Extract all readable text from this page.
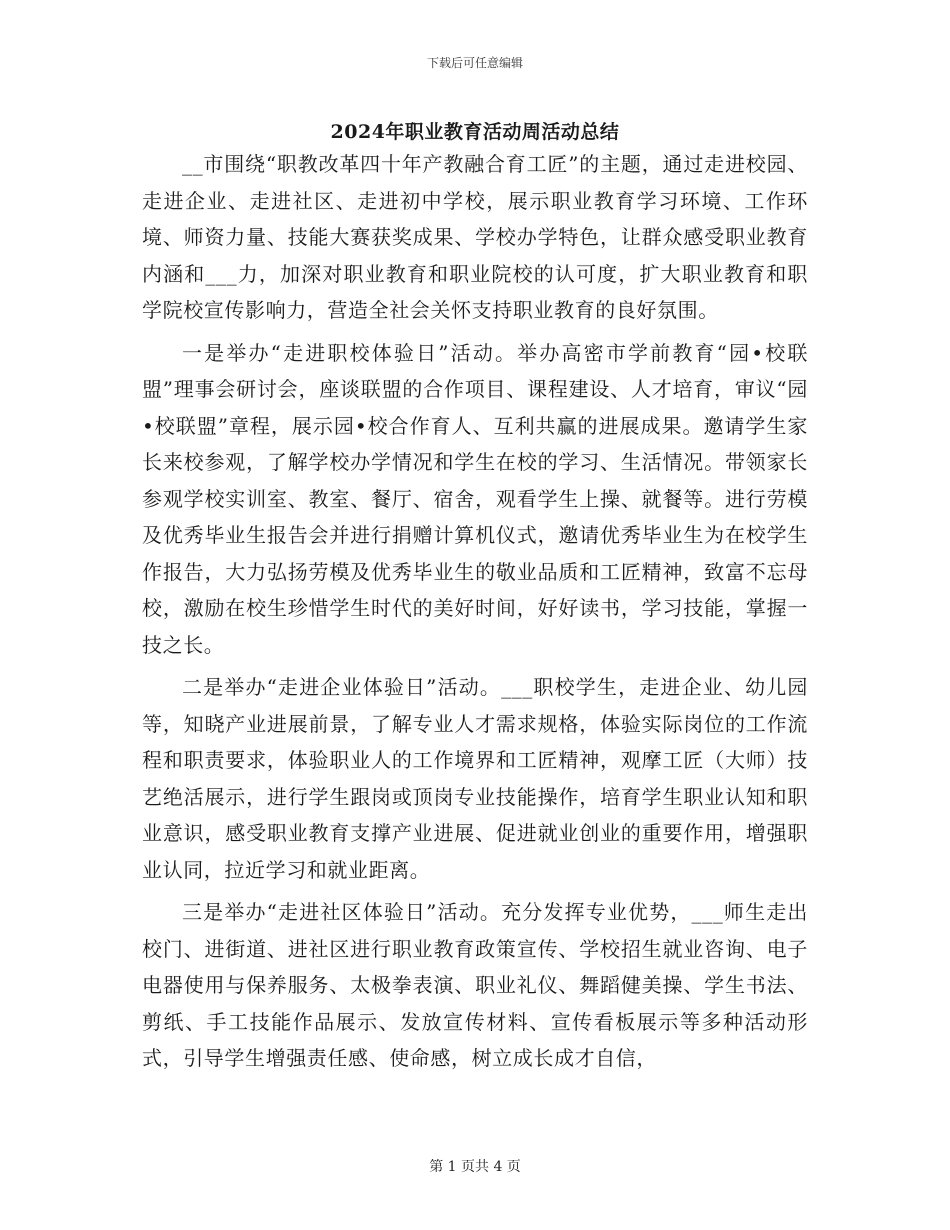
下载后可任意编辑
2024年职业教育活动周活动总结

__市围绕“职教改革四十年产教融合育工匠”的主题，通过走进校园、走进企业、走进社区、走进初中学校，展示职业教育学习环境、工作环境、师资力量、技能大赛获奖成果、学校办学特色，让群众感受职业教育内涵和___力，加深对职业教育和职业院校的认可度，扩大职业教育和职学院校宣传影响力，营造全社会关怀支持职业教育的良好氛围。

一是举办“走进职校体验日”活动。举办高密市学前教育“园•校联盟”理事会研讨会，座谈联盟的合作项目、课程建设、人才培育，审议“园•校联盟”章程，展示园•校合作育人、互利共赢的进展成果。邀请学生家长来校参观，了解学校办学情况和学生在校的学习、生活情况。带领家长参观学校实训室、教室、餐厅、宿舍，观看学生上操、就餐等。进行劳模及优秀毕业生报告会并进行捐赠计算机仪式，邀请优秀毕业生为在校学生作报告，大力弘扬劳模及优秀毕业生的敬业品质和工匠精神，致富不忘母校，激励在校生珍惜学生时代的美好时间，好好读书，学习技能，掌握一技之长。

二是举办“走进企业体验日”活动。___职校学生，走进企业、幼儿园等，知晓产业进展前景，了解专业人才需求规格，体验实际岗位的工作流程和职责要求，体验职业人的工作境界和工匠精神，观摩工匠（大师）技艺绝活展示，进行学生跟岗或顶岗专业技能操作，培育学生职业认知和职业意识，感受职业教育支撑产业进展、促进就业创业的重要作用，增强职业认同，拉近学习和就业距离。

三是举办“走进社区体验日”活动。充分发挥专业优势，___师生走出校门、进街道、进社区进行职业教育政策宣传、学校招生就业咨询、电子电器使用与保养服务、太极拳表演、职业礼仪、舞蹈健美操、学生书法、剪纸、手工技能作品展示、发放宣传材料、宣传看板展示等多种活动形式，引导学生增强责任感、使命感，树立成长成才自信，

第 1 页共 4 页
